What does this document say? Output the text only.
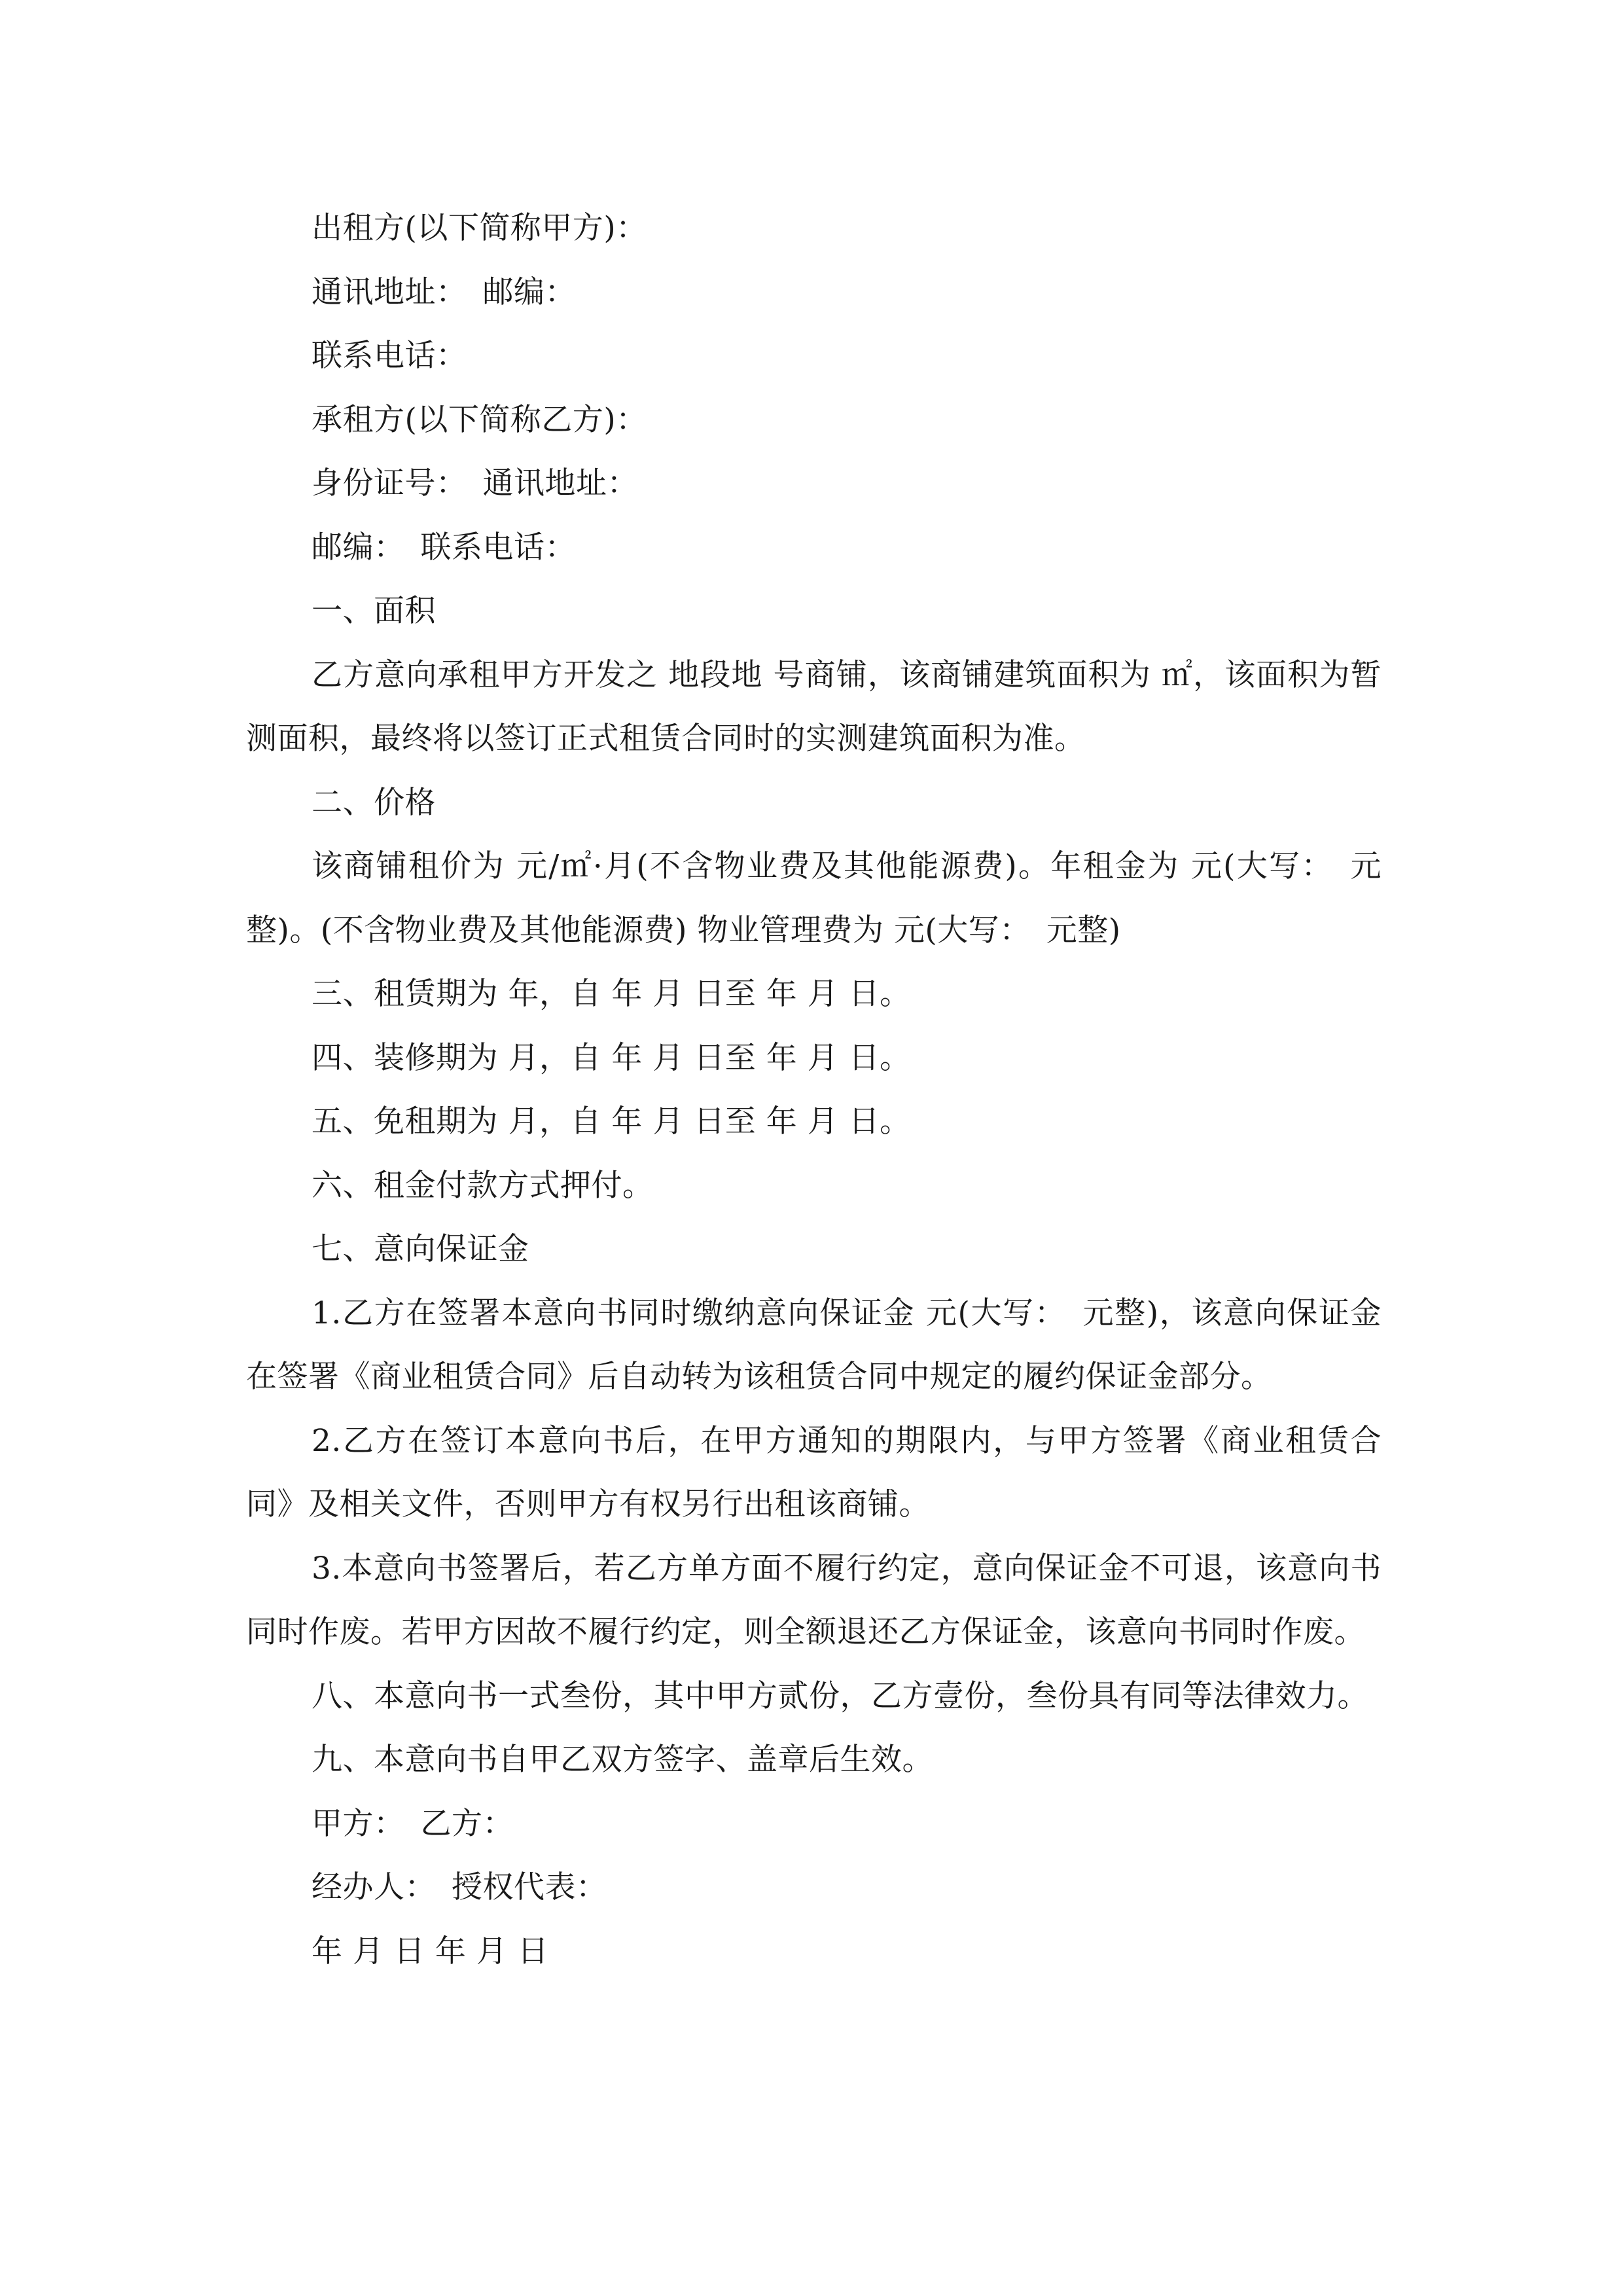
出租方(以下简称甲方)：

通讯地址：　邮编：

联系电话：

承租方(以下简称乙方)：

身份证号：　通讯地址：

邮编：　联系电话：

一、面积

乙方意向承租甲方开发之 地段地 号商铺，该商铺建筑面积为 ㎡，该面积为暂测面积，最终将以签订正式租赁合同时的实测建筑面积为准。

二、价格

该商铺租价为 元/㎡·月(不含物业费及其他能源费)。年租金为 元(大写：　元整)。(不含物业费及其他能源费) 物业管理费为 元(大写：　元整)

三、租赁期为 年，自 年 月 日至 年 月 日。

四、装修期为 月，自 年 月 日至 年 月 日。

五、免租期为 月，自 年 月 日至 年 月 日。

六、租金付款方式押付。

七、意向保证金

1.乙方在签署本意向书同时缴纳意向保证金 元(大写：　元整)，该意向保证金在签署《商业租赁合同》后自动转为该租赁合同中规定的履约保证金部分。

2.乙方在签订本意向书后，在甲方通知的期限内，与甲方签署《商业租赁合同》及相关文件，否则甲方有权另行出租该商铺。

3.本意向书签署后，若乙方单方面不履行约定，意向保证金不可退，该意向书同时作废。若甲方因故不履行约定，则全额退还乙方保证金，该意向书同时作废。

八、本意向书一式叁份，其中甲方贰份，乙方壹份，叁份具有同等法律效力。

九、本意向书自甲乙双方签字、盖章后生效。

甲方：　乙方：

经办人：　授权代表：

年 月 日 年 月 日
